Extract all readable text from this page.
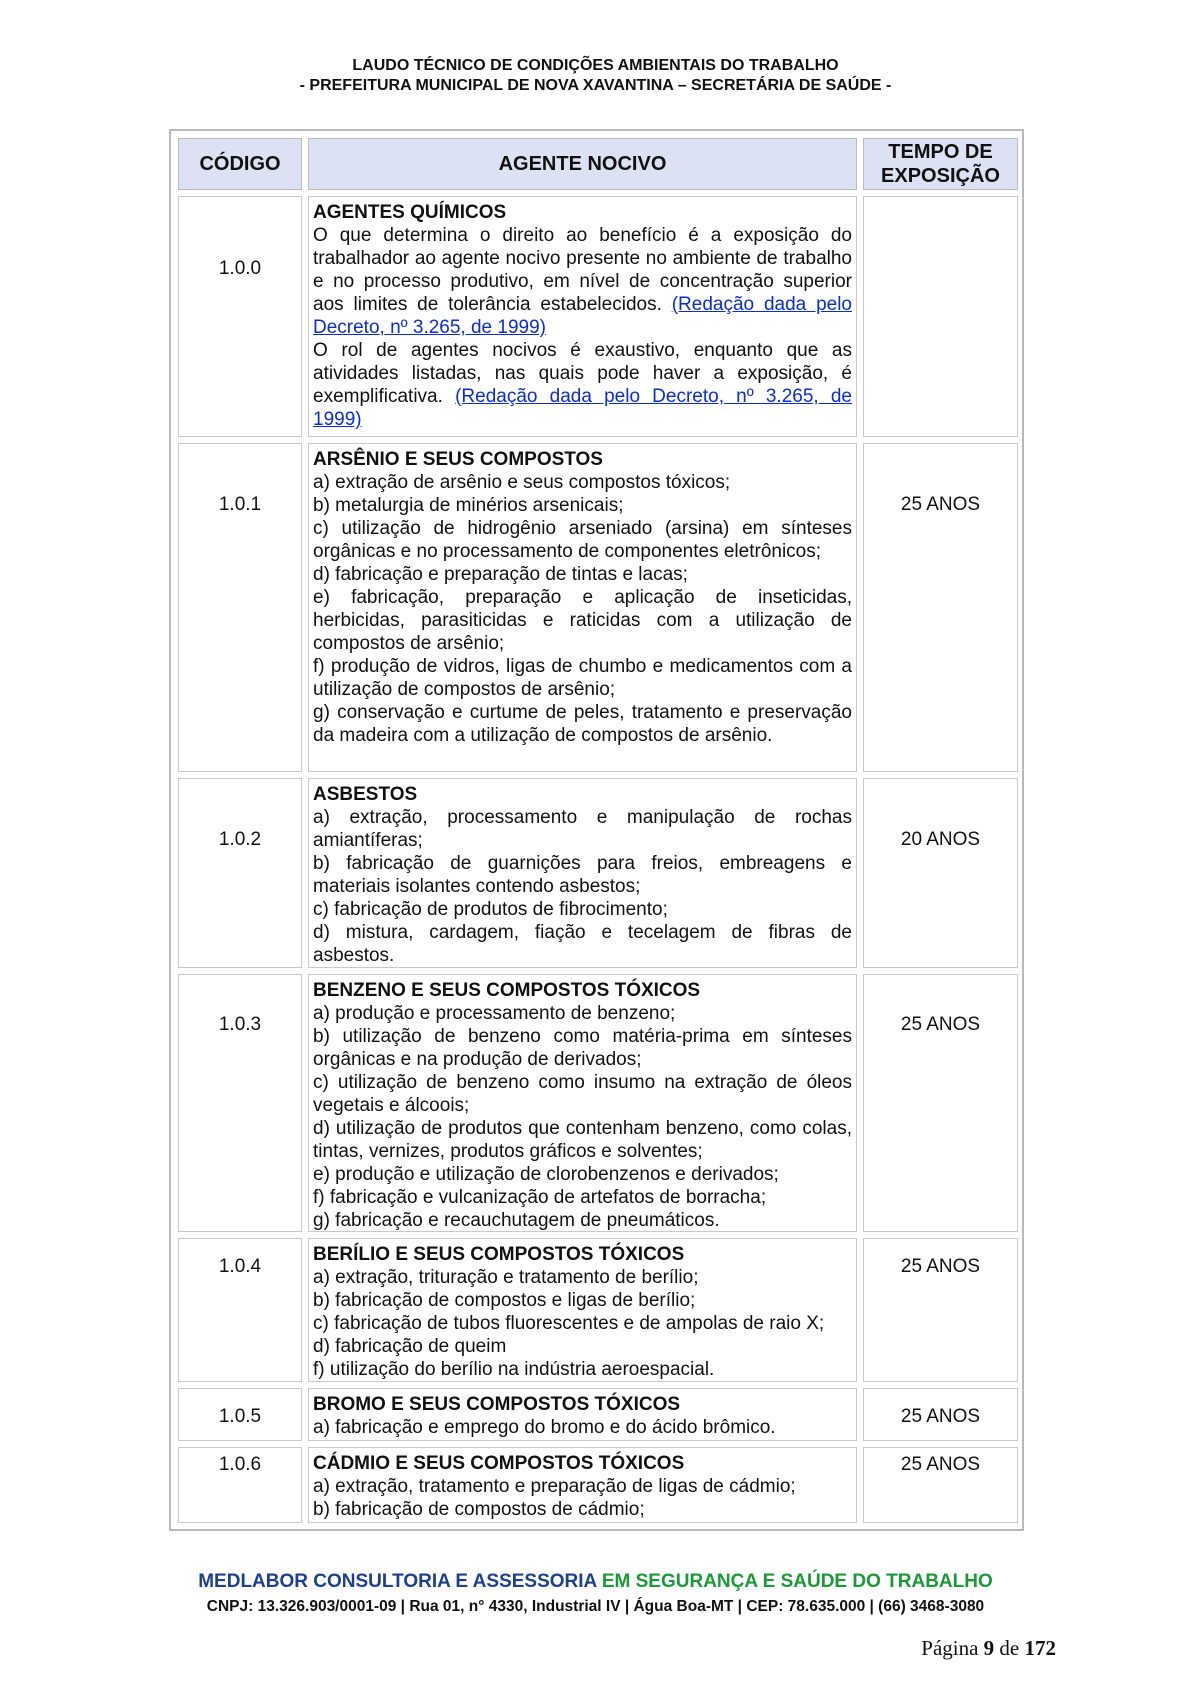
LAUDO TÉCNICO DE CONDIÇÕES AMBIENTAIS DO TRABALHO
- PREFEITURA MUNICIPAL DE NOVA XAVANTINA – SECRETÁRIA DE SAÚDE -
CÓDIGO	AGENTE NOCIVO
TEMPO DE EXPOSIÇÃO
1.0.0
AGENTES QUÍMICOS
O que determina o direito ao benefício é a exposição do trabalhador ao agente nocivo presente no ambiente de trabalho e no processo produtivo, em nível de concentração superior aos limites de tolerância estabelecidos. (Redação dada pelo Decreto, nº 3.265, de 1999)
O rol de agentes nocivos é exaustivo, enquanto que as atividades listadas, nas quais pode haver a exposição, é exemplificativa. (Redação dada pelo Decreto, nº 3.265, de 1999)
1.0.1
ARSÊNIO E SEUS COMPOSTOS
a) extração de arsênio e seus compostos tóxicos;
b) metalurgia de minérios arsenicais;
c) utilização de hidrogênio arseniado (arsina) em sínteses orgânicas e no processamento de componentes eletrônicos;
d) fabricação e preparação de tintas e lacas;
e) fabricação, preparação e aplicação de inseticidas, herbicidas, parasiticidas e raticidas com a utilização de compostos de arsênio;
f) produção de vidros, ligas de chumbo e medicamentos com a utilização de compostos de arsênio;
g) conservação e curtume de peles, tratamento e preservação da madeira com a utilização de compostos de arsênio.
25 ANOS
1.0.2
ASBESTOS
a) extração, processamento e manipulação de rochas amiantíferas;
b) fabricação de guarnições para freios, embreagens e materiais isolantes contendo asbestos;
c) fabricação de produtos de fibrocimento;
d) mistura, cardagem, fiação e tecelagem de fibras de asbestos.
20 ANOS
1.0.3
BENZENO E SEUS COMPOSTOS TÓXICOS
a) produção e processamento de benzeno;
b) utilização de benzeno como matéria-prima em sínteses orgânicas e na produção de derivados;
c) utilização de benzeno como insumo na extração de óleos vegetais e álcoois;
d) utilização de produtos que contenham benzeno, como colas, tintas, vernizes, produtos gráficos e solventes;
e) produção e utilização de clorobenzenos e derivados;
f) fabricação e vulcanização de artefatos de borracha;
g) fabricação e recauchutagem de pneumáticos.
25 ANOS
1.0.4
BERÍLIO E SEUS COMPOSTOS TÓXICOS
a) extração, trituração e tratamento de berílio;
b) fabricação de compostos e ligas de berílio;
c) fabricação de tubos fluorescentes e de ampolas de raio X;
d) fabricação de queim
f) utilização do berílio na indústria aeroespacial.
25 ANOS
1.0.5
BROMO E SEUS COMPOSTOS TÓXICOS
a) fabricação e emprego do bromo e do ácido brômico.
25 ANOS
1.0.6	CÁDMIO E SEUS COMPOSTOS TÓXICOS
a) extração, tratamento e preparação de ligas de cádmio;
b) fabricação de compostos de cádmio;
25 ANOS
MEDLABOR CONSULTORIA E ASSESSORIA EM SEGURANÇA E SAÚDE DO TRABALHO
CNPJ: 13.326.903/0001-09 | Rua 01, n° 4330, Industrial IV | Água Boa-MT | CEP: 78.635.000 | (66) 3468-3080
Página 9 de 172
